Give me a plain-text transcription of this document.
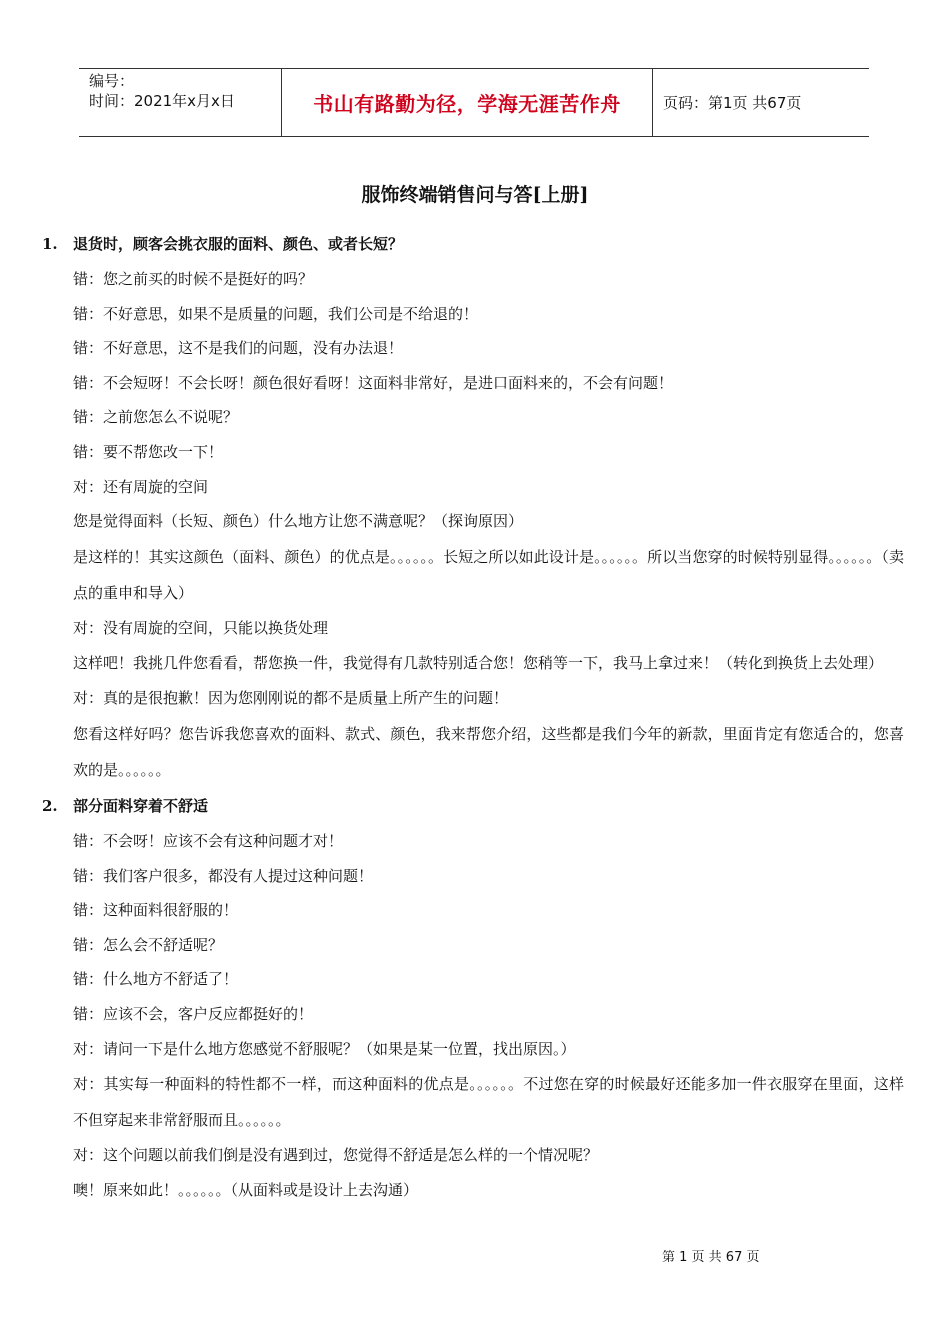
编号：
时间：2021年x月x日	书山有路勤为径，学海无涯苦作舟	页码：第1页 共67页
服饰终端销售问与答[上册]
1. 退货时，顾客会挑衣服的面料、颜色、或者长短？
错：您之前买的时候不是挺好的吗？
错：不好意思，如果不是质量的问题，我们公司是不给退的！
错：不好意思，这不是我们的问题，没有办法退！
错：不会短呀！不会长呀！颜色很好看呀！这面料非常好，是进口面料来的，不会有问题！
错：之前您怎么不说呢？
错：要不帮您改一下！
对：还有周旋的空间
您是觉得面料（长短、颜色）什么地方让您不满意呢？（探询原因）
是这样的！其实这颜色（面料、颜色）的优点是。。。。。。长短之所以如此设计是。。。。。。所以当您穿的时候特别显得。。。。。。（卖点的重申和导入）
对：没有周旋的空间，只能以换货处理
这样吧！我挑几件您看看，帮您换一件，我觉得有几款特别适合您！您稍等一下，我马上拿过来！（转化到换货上去处理）
对：真的是很抱歉！因为您刚刚说的都不是质量上所产生的问题！
您看这样好吗？您告诉我您喜欢的面料、款式、颜色，我来帮您介绍，这些都是我们今年的新款，里面肯定有您适合的，您喜欢的是。。。。。。
2. 部分面料穿着不舒适
错：不会呀！应该不会有这种问题才对！
错：我们客户很多，都没有人提过这种问题！
错：这种面料很舒服的！
错：怎么会不舒适呢？
错：什么地方不舒适了！
错：应该不会，客户反应都挺好的！
对：请问一下是什么地方您感觉不舒服呢？（如果是某一位置，找出原因。）
对：其实每一种面料的特性都不一样，而这种面料的优点是。。。。。。不过您在穿的时候最好还能多加一件衣服穿在里面，这样不但穿起来非常舒服而且。。。。。。
对：这个问题以前我们倒是没有遇到过，您觉得不舒适是怎么样的一个情况呢？
噢！原来如此！。。。。。。（从面料或是设计上去沟通）
第 1 页 共 67 页
